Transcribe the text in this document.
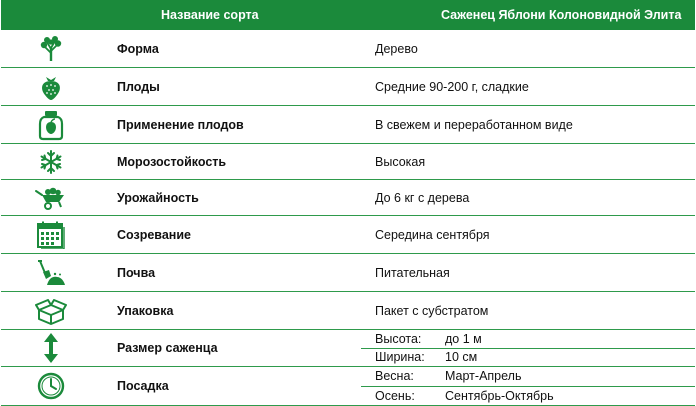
	Название сорта	Саженец Яблони Колоновидной Элита

	Форма	Дерево

	Плоды	Средние 90-200 г, сладкие

	Применение плодов	В свежем и переработанном виде

	Морозостойкость	Высокая

	Урожайность	До 6 кг с дерева

	Созревание	Середина сентября

	Почва	Питательная

	Упаковка	Пакет с субстратом

	Размер саженца	Высота: до 1 м
		Ширина: 10 см

	Посадка	Весна: Март-Апрель
		Осень: Сентябрь-Октябрь
